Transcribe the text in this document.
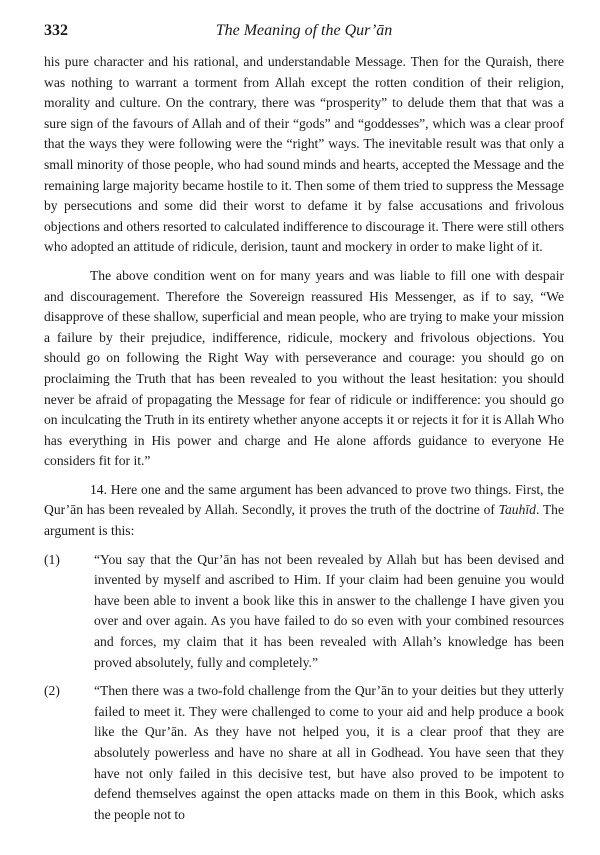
332	The Meaning of the Qur’ān

his pure character and his rational, and understandable Message. Then for the Quraish, there was nothing to warrant a torment from Allah except the rotten condition of their religion, morality and culture. On the contrary, there was “prosperity” to delude them that that was a sure sign of the favours of Allah and of their “gods” and “goddesses”, which was a clear proof that the ways they were following were the “right” ways. The inevitable result was that only a small minority of those people, who had sound minds and hearts, accepted the Message and the remaining large majority became hostile to it. Then some of them tried to suppress the Message by persecutions and some did their worst to defame it by false accusations and frivolous objections and others resorted to calculated indifference to discourage it. There were still others who adopted an attitude of ridicule, derision, taunt and mockery in order to make light of it.

The above condition went on for many years and was liable to fill one with despair and discouragement. Therefore the Sovereign reassured His Messenger, as if to say, “We disapprove of these shallow, superficial and mean people, who are trying to make your mission a failure by their prejudice, indifference, ridicule, mockery and frivolous objections. You should go on following the Right Way with perseverance and courage: you should go on proclaiming the Truth that has been revealed to you without the least hesitation: you should never be afraid of propagating the Message for fear of ridicule or indifference: you should go on inculcating the Truth in its entirety whether anyone accepts it or rejects it for it is Allah Who has everything in His power and charge and He alone affords guidance to everyone He considers fit for it.”

14. Here one and the same argument has been advanced to prove two things. First, the Qur’ān has been revealed by Allah. Secondly, it proves the truth of the doctrine of Tauhīd. The argument is this:

(1)	“You say that the Qur’ān has not been revealed by Allah but has been devised and invented by myself and ascribed to Him. If your claim had been genuine you would have been able to invent a book like this in answer to the challenge I have given you over and over again. As you have failed to do so even with your combined resources and forces, my claim that it has been revealed with Allah’s knowledge has been proved absolutely, fully and completely.”

(2)	“Then there was a two-fold challenge from the Qur’ān to your deities but they utterly failed to meet it. They were challenged to come to your aid and help produce a book like the Qur’ān. As they have not helped you, it is a clear proof that they are absolutely powerless and have no share at all in Godhead. You have seen that they have not only failed in this decisive test, but have also proved to be impotent to defend themselves against the open attacks made on them in this Book, which asks the people not to
